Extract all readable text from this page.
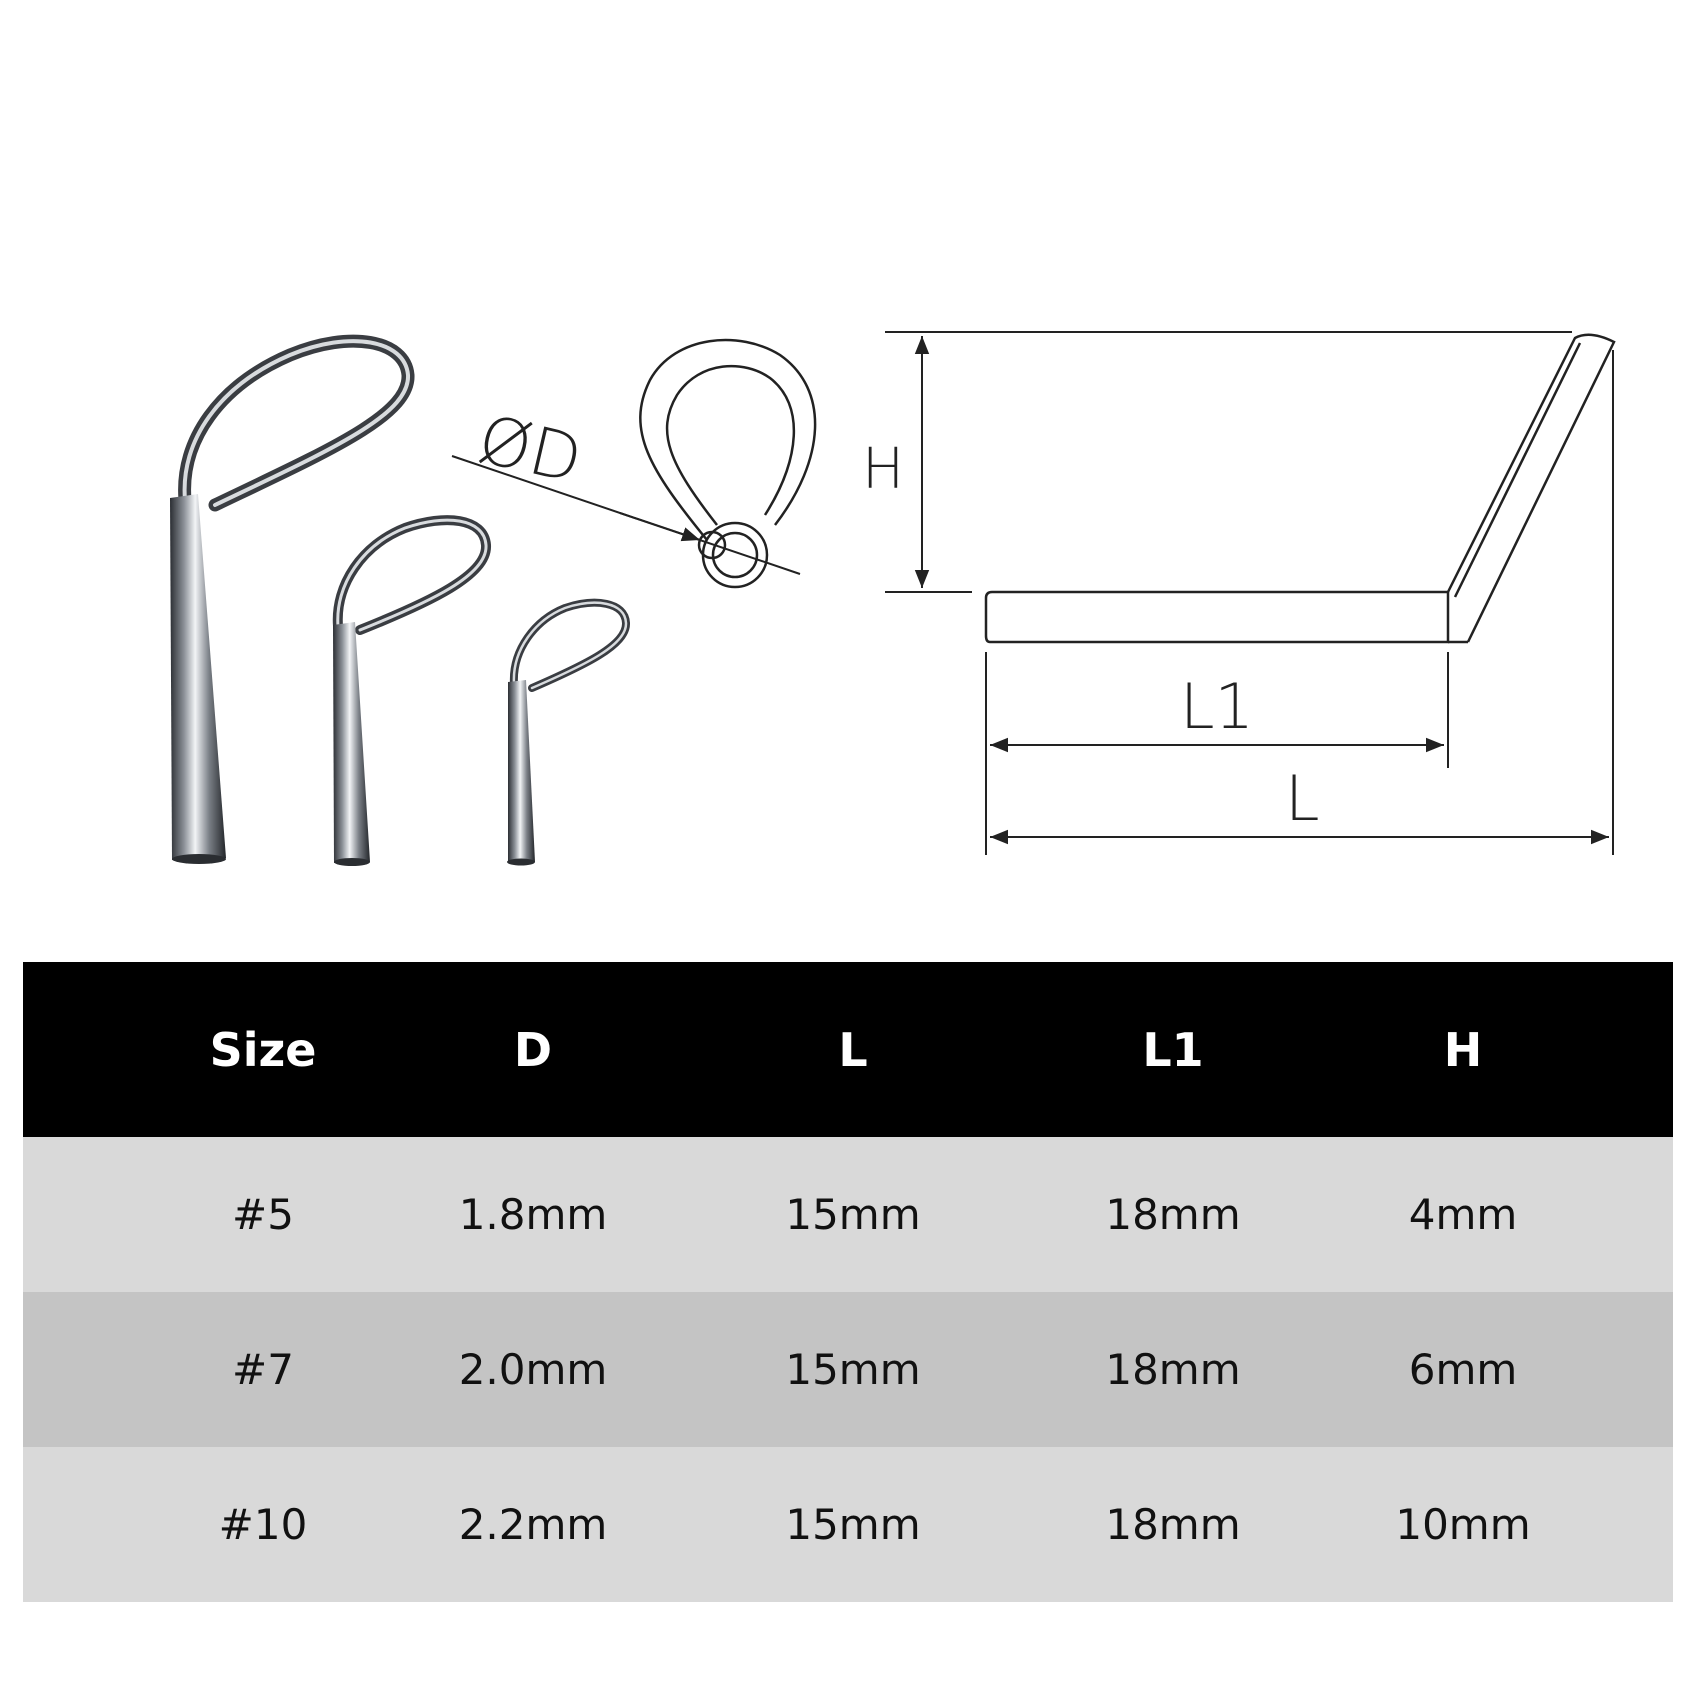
ØD	H
L1
L
Size	D	L	L1	H
#5	1.8mm	15mm	18mm	4mm
#7	2.0mm	15mm	18mm	6mm
#10	2.2mm	15mm	18mm	10mm
